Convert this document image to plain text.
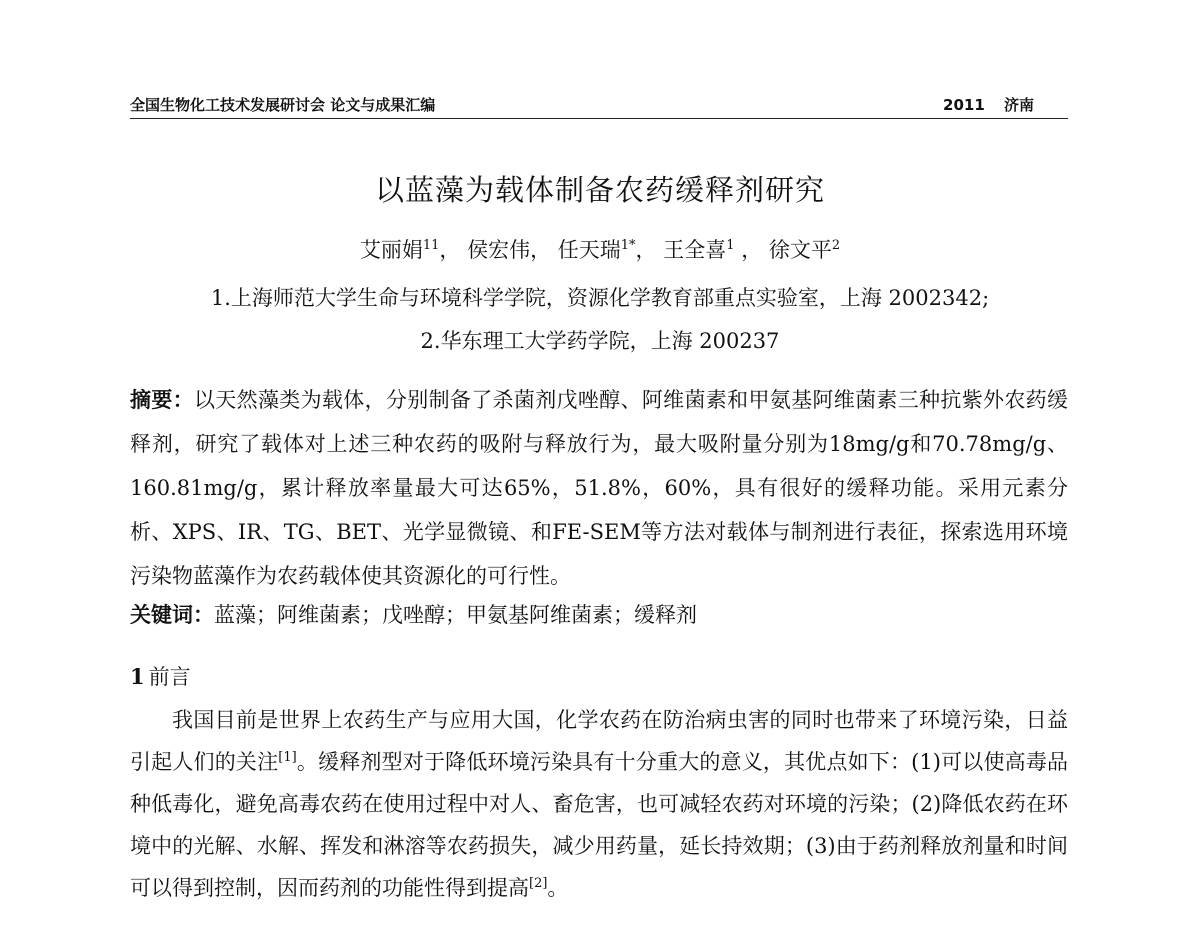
全国生物化工技术发展研讨会 论文与成果汇编	2011 济南
以蓝藻为载体制备农药缓释剂研究
艾丽娟$^{11}$， 侯宏伟， 任天瑞$^{1*}$， 王全喜$^1$ ， 徐文平$^2$
1.上海师范大学生命与环境科学学院，资源化学教育部重点实验室，上海 2002342;
2.华东理工大学药学院，上海 200237
摘要：以天然藻类为载体，分别制备了杀菌剂戊唑醇、阿维菌素和甲氨基阿维菌素三种抗紫外农药缓释剂，研究了载体对上述三种农药的吸附与释放行为，最大吸附量分别为18mg/g和70.78mg/g、160.81mg/g，累计释放率量最大可达65%，51.8%，60%，具有很好的缓释功能。采用元素分析、XPS、IR、TG、BET、光学显微镜、和FE-SEM等方法对载体与制剂进行表征，探索选用环境污染物蓝藻作为农药载体使其资源化的可行性。
关键词：蓝藻；阿维菌素；戊唑醇；甲氨基阿维菌素；缓释剂
1 前言

我国目前是世界上农药生产与应用大国，化学农药在防治病虫害的同时也带来了环境污染，日益引起人们的关注[1]。缓释剂型对于降低环境污染具有十分重大的意义，其优点如下：(1)可以使高毒品种低毒化，避免高毒农药在使用过程中对人、畜危害，也可减轻农药对环境的污染；(2)降低农药在环境中的光解、水解、挥发和淋溶等农药损失，减少用药量，延长持效期；(3)由于药剂释放剂量和时间可以得到控制，因而药剂的功能性得到提高[2]。
